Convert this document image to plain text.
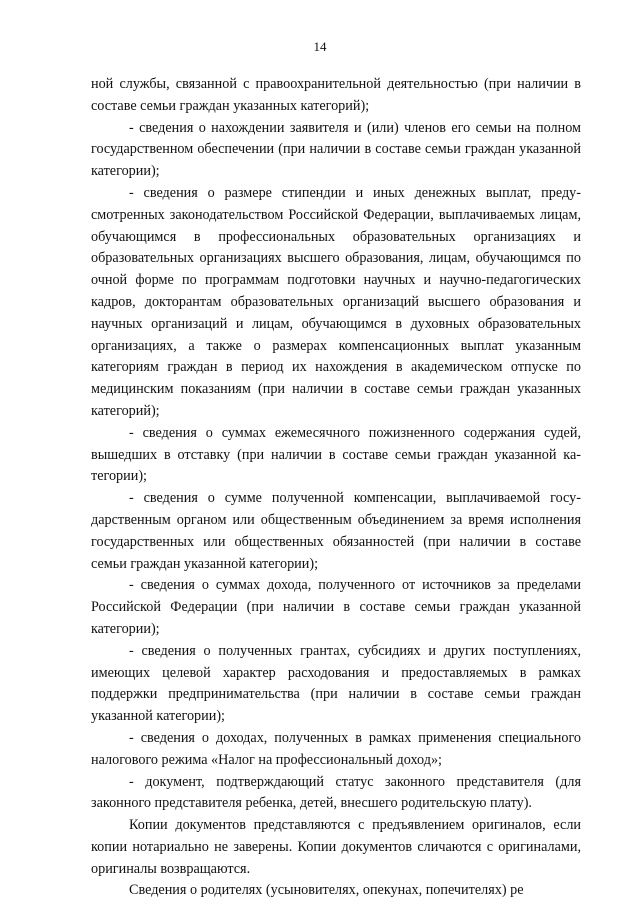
14

ной службы, связанной с правоохранительной деятельностью (при наличии в составе семьи граждан указанных категорий);

- сведения о нахождении заявителя и (или) членов его семьи на полном государственном обеспечении (при наличии в составе семьи граждан указанной категории);

- сведения о размере стипендии и иных денежных выплат, предусмотренных законодательством Российской Федерации, выплачиваемых лицам, обучающимся в профессиональных образовательных организациях и образовательных организациях высшего образования, лицам, обучающимся по очной форме по программам подготовки научных и научно-педагогических кадров, докторантам образовательных организаций высшего образования и научных организаций и лицам, обучающимся в духовных образовательных организациях, а также о размерах компенсационных выплат указанным категориям граждан в период их нахождения в академическом отпуске по медицинским показаниям (при наличии в составе семьи граждан указанных категорий);

- сведения о суммах ежемесячного пожизненного содержания судей, вышедших в отставку (при наличии в составе семьи граждан указанной категории);

- сведения о сумме полученной компенсации, выплачиваемой государственным органом или общественным объединением за время исполнения государственных или общественных обязанностей (при наличии в составе семьи граждан указанной категории);

- сведения о суммах дохода, полученного от источников за пределами Российской Федерации (при наличии в составе семьи граждан указанной категории);

- сведения о полученных грантах, субсидиях и других поступлениях, имеющих целевой характер расходования и предоставляемых в рамках поддержки предпринимательства (при наличии в составе семьи граждан указанной категории);

- сведения о доходах, полученных в рамках применения специального налогового режима «Налог на профессиональный доход»;

- документ, подтверждающий статус законного представителя (для законного представителя ребенка, детей, внесшего родительскую плату).

Копии документов представляются с предъявлением оригиналов, если копии нотариально не заверены. Копии документов сличаются с оригиналами, оригиналы возвращаются.

Сведения о родителях (усыновителях, опекунах, попечителях) ре
